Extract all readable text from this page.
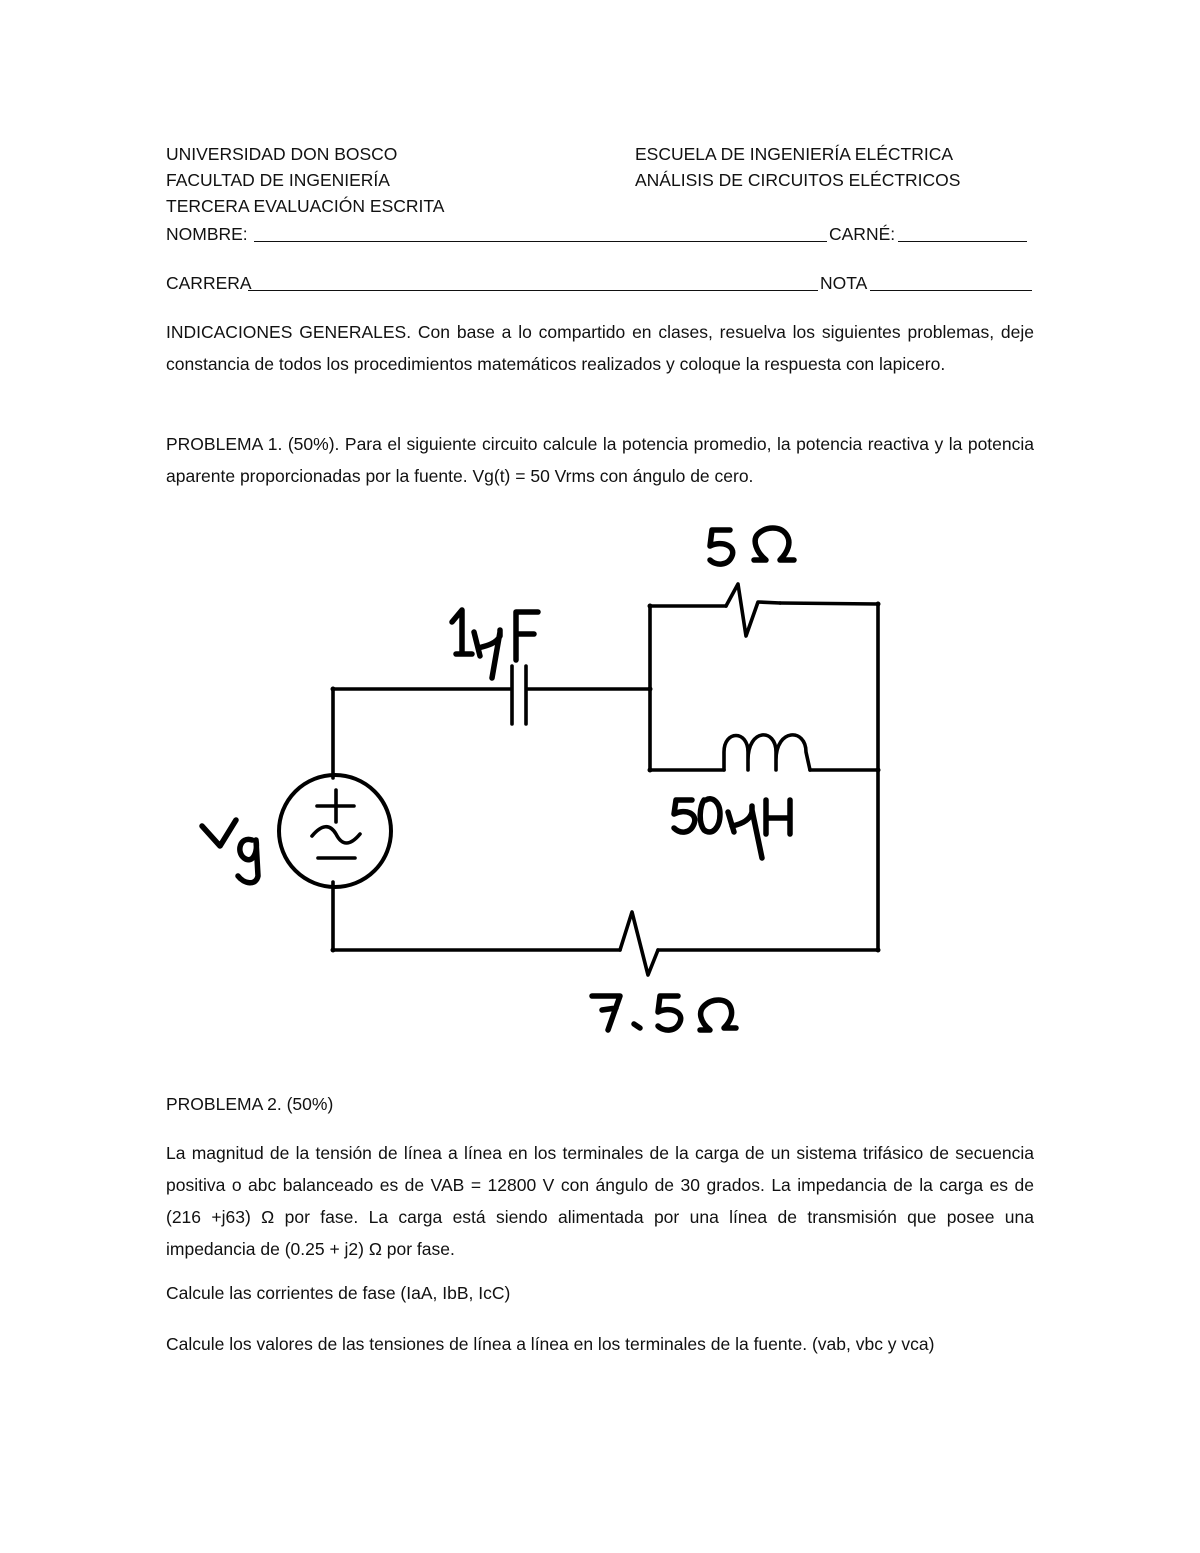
UNIVERSIDAD DON BOSCO
FACULTAD DE INGENIERÍA
TERCERA EVALUACIÓN ESCRITA
ESCUELA DE INGENIERÍA ELÉCTRICA
ANÁLISIS DE CIRCUITOS ELÉCTRICOS
NOMBRE:	CARNÉ:
CARRERA	NOTA
INDICACIONES GENERALES. Con base a lo compartido en clases, resuelva los siguientes problemas, deje constancia de todos los procedimientos matemáticos realizados y coloque la respuesta con lapicero.
PROBLEMA 1. (50%). Para el siguiente circuito calcule la potencia promedio, la potencia reactiva y la potencia aparente proporcionadas por la fuente. Vg(t) = 50 Vrms con ángulo de cero.
PROBLEMA 2. (50%)
La magnitud de la tensión de línea a línea en los terminales de la carga de un sistema trifásico de secuencia positiva o abc balanceado es de VAB = 12800 V con ángulo de 30 grados. La impedancia de la carga es de (216 +j63) Ω por fase. La carga está siendo alimentada por una línea de transmisión que posee una impedancia de (0.25 + j2) Ω por fase.
Calcule las corrientes de fase (IaA, IbB, IcC)
Calcule los valores de las tensiones de línea a línea en los terminales de la fuente. (vab, vbc y vca)
